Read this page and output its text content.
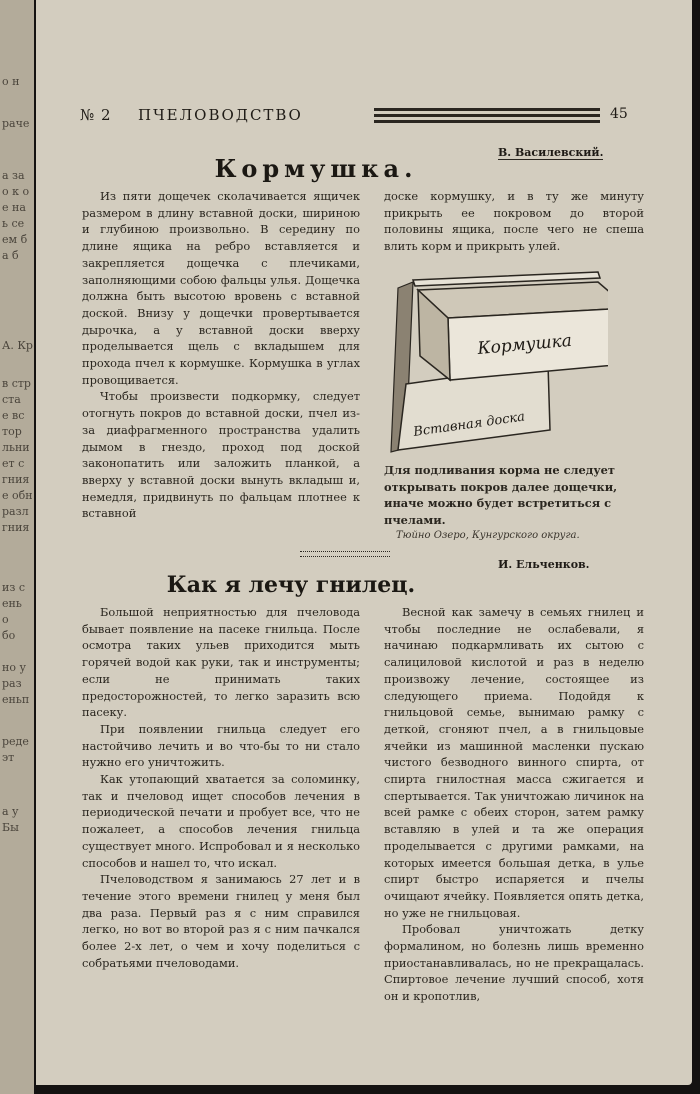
о н
раче
а за
о к о
е на
ь се
ем б
а б
А. Кр
в стр
ста
е вс
тор
льни
ет с
гния
е обн
разл
гния
из с
ень
о
бо
но у
раз
еньп
реде
эт
а у
Бы
№ 2 ПЧЕЛОВОДСТВО	45
В. Василевский.
Кормушка.

Из пяти дощечек сколачивается ящичек размером в длину вставной доски, шириною и глубиною произвольно. В середину по длине ящика на ребро вставляется и закрепляется дощечка с плечиками, заполняющими собою фальцы улья. Дощечка должна быть высотою вровень с вставной доской. Внизу у дощечки провертывается дырочка, а у вставной доски вверху проделывается щель с вкладышем для прохода пчел к кормушке. Кормушка в углах провощивается.

Чтобы произвести подкормку, следует отогнуть покров до вставной доски, пчел из-за диафрагменного пространства удалить дымом в гнездо, проход под доской законопатить или заложить планкой, а вверху у вставной доски вынуть вкладыш и, немедля, придвинуть по фальцам плотнее к вставной

доске кормушку, и в ту же минуту прикрыть ее покровом до второй половины ящика, после чего не спеша влить корм и прикрыть улей.

Кормушка
Вставная доска
Для подливания корма не следует открывать покров далее дощечки, иначе можно будет встретиться с пчелами.
Тюйно Озеро, Кунгурского округа.
И. Ельченков.
Как я лечу гнилец.

Большой неприятностью для пчеловода бывает появление на пасеке гнильца. После осмотра таких ульев приходится мыть горячей водой как руки, так и инструменты; если не принимать таких предосторожностей, то легко заразить всю пасеку.

При появлении гнильца следует его настойчиво лечить и во что-бы то ни стало нужно его уничтожить.

Как утопающий хватается за соломинку, так и пчеловод ищет способов лечения в периодической печати и пробует все, что не пожалеет, а способов лечения гнильца существует много. Испробовал и я несколько способов и нашел то, что искал.

Пчеловодством я занимаюсь 27 лет и в течение этого времени гнилец у меня был два раза. Первый раз я с ним справился легко, но вот во второй раз я с ним пачкался более 2-х лет, о чем и хочу поделиться с собратьями пчеловодами.

Весной как замечу в семьях гнилец и чтобы последние не ослабевали, я начинаю подкармливать их сытою с салициловой кислотой и раз в неделю произвожу лечение, состоящее из следующего приема. Подойдя к гнильцовой семье, вынимаю рамку с деткой, сгоняют пчел, а в гнильцовые ячейки из машинной масленки пускаю чистого безводного винного спирта, от спирта гнилостная масса сжигается и спертывается. Так уничтожаю личинок на всей рамке с обеих сторон, затем рамку вставляю в улей и та же операция проделывается с другими рамками, на которых имеется большая детка, в улье спирт быстро испаряется и пчелы очищают ячейку. Появляется опять детка, но уже не гнильцовая.

Пробовал уничтожать детку формалином, но болезнь лишь временно приостанавливалась, но не прекращалась. Спиртовое лечение лучший способ, хотя он и кропотлив,
